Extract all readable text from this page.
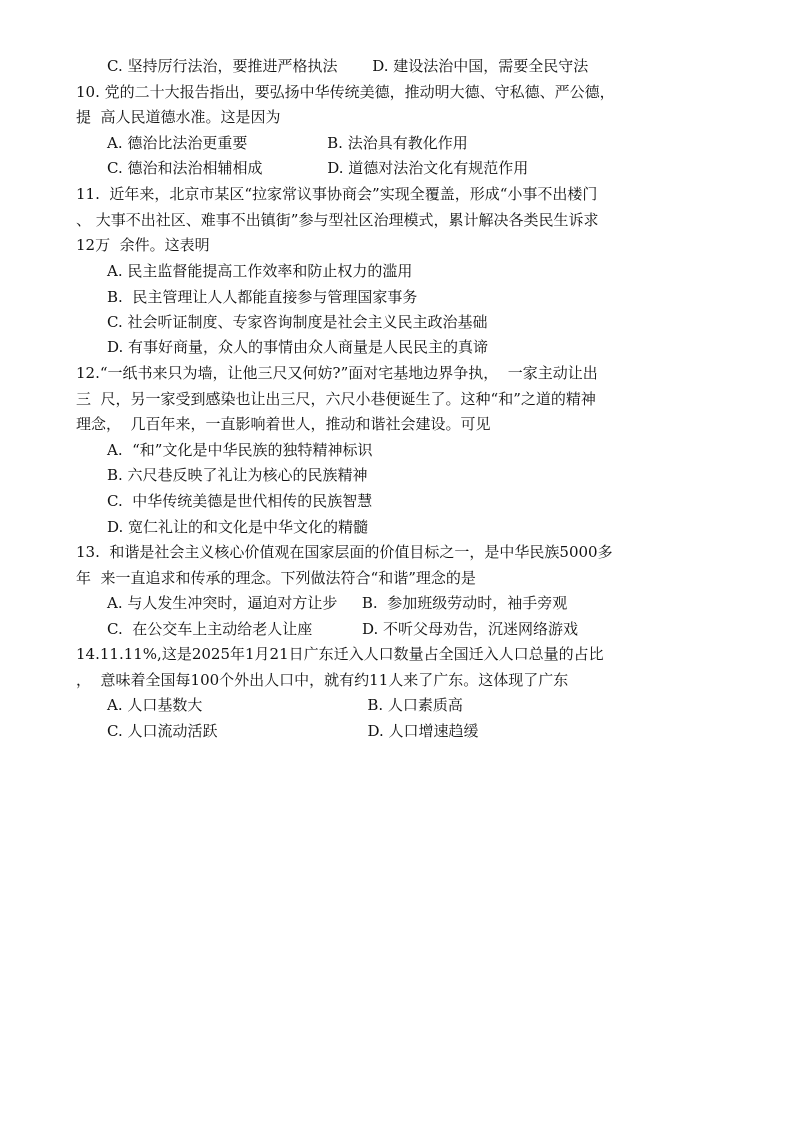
C. 坚持厉行法治，要推进严格执法　　 D. 建设法治中国，需要全民守法
10. 党的二十大报告指出，要弘扬中华传统美德，推动明大德、守私德、严公德，
提  高人民道德水准。这是因为
A. 德治比法治更重要　　　　　 B. 法治具有教化作用
C. 德治和法治相辅相成　　　　 D. 道德对法治文化有规范作用
11.  近年来，北京市某区“拉家常议事协商会”实现全覆盖，形成“小事不出楼门
、 大事不出社区、难事不出镇街”参与型社区治理模式，累计解决各类民生诉求
12万  余件。这表明
A. 民主监督能提高工作效率和防止权力的滥用
B.  民主管理让人人都能直接参与管理国家事务
C. 社会听证制度、专家咨询制度是社会主义民主政治基础
D. 有事好商量，众人的事情由众人商量是人民民主的真谛
12.“一纸书来只为墙，让他三尺又何妨?”面对宅基地边界争执，  一家主动让出
三  尺，另一家受到感染也让出三尺，六尺小巷便诞生了。这种“和”之道的精神
理念，  几百年来，一直影响着世人，推动和谐社会建设。可见
A.  “和”文化是中华民族的独特精神标识
B. 六尺巷反映了礼让为核心的民族精神
C.  中华传统美德是世代相传的民族智慧
D. 宽仁礼让的和文化是中华文化的精髓
13.  和谐是社会主义核心价值观在国家层面的价值目标之一，是中华民族5000多
年  来一直追求和传承的理念。下列做法符合“和谐”理念的是
A. 与人发生冲突时，逼迫对方让步　  B.  参加班级劳动时，袖手旁观
C.  在公交车上主动给老人让座　　　 D. 不听父母劝告，沉迷网络游戏
14.11.11%,这是2025年1月21日广东迁入人口数量占全国迁入人口总量的占比
，  意味着全国每100个外出人口中，就有约11人来了广东。这体现了广东
A. 人口基数大　　　　　　　　　　　B. 人口素质高
C. 人口流动活跃　　　　　　　　　　D. 人口增速趋缓
